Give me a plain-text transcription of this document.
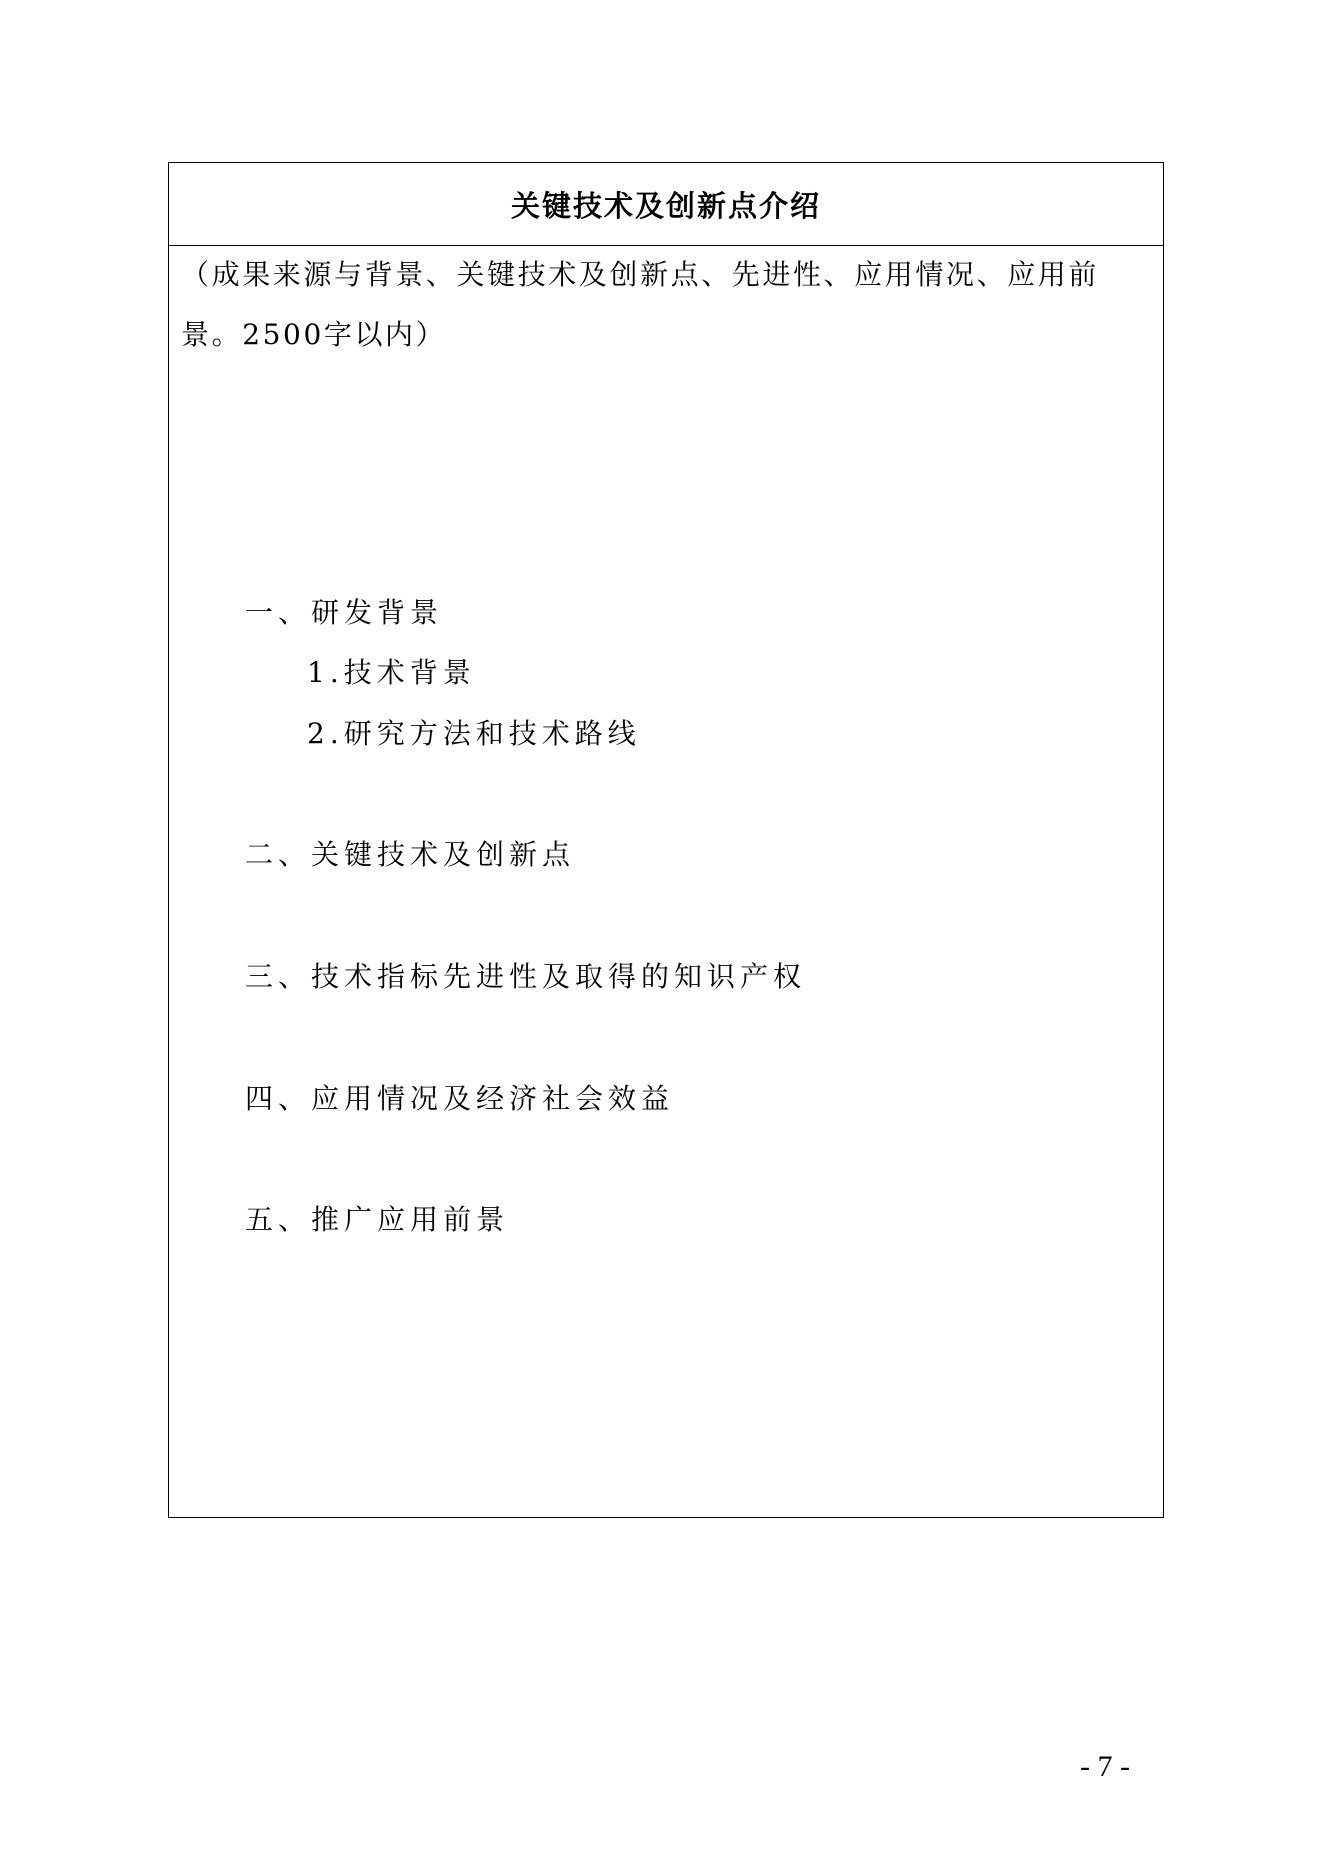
关键技术及创新点介绍
（成果来源与背景、关键技术及创新点、先进性、应用情况、应用前景。2500字以内）
一、研发背景
1.技术背景
2.研究方法和技术路线
二、关键技术及创新点
三、技术指标先进性及取得的知识产权
四、应用情况及经济社会效益
五、推广应用前景
- 7 -
